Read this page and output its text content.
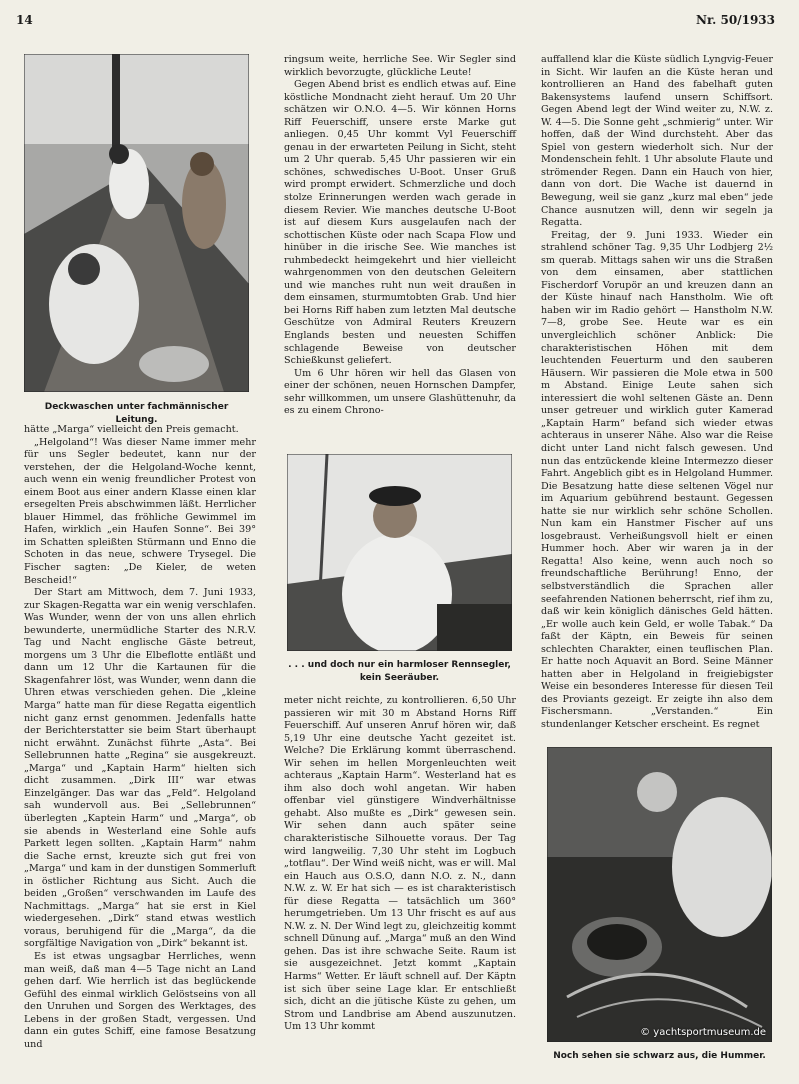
14	Nr. 50/1933
Deckwaschen unter fachmännischer Leitung.

hätte „Marga“ vielleicht den Preis gemacht.

„Helgoland“! Was dieser Name immer mehr für uns Segler bedeutet, kann nur der verstehen, der die Helgoland-Woche kennt, auch wenn ein wenig freundlicher Protest von einem Boot aus einer andern Klasse einen klar ersegelten Preis abschwimmen läßt. Herrlicher blauer Himmel, das fröhliche Gewimmel im Hafen, wirklich „ein Haufen Sonne“. Bei 39° im Schatten spleißten Stürmann und Enno die Schoten in das neue, schwere Trysegel. Die Fischer sagten: „De Kieler, de weten Bescheid!“

Der Start am Mittwoch, dem 7. Juni 1933, zur Skagen-Regatta war ein wenig verschlafen. Was Wunder, wenn der von uns allen ehrlich bewunderte, unermüdliche Starter des N.R.V. Tag und Nacht englische Gäste betreut, morgens um 3 Uhr die Elbeflotte entläßt und dann um 12 Uhr die Kartaunen für die Skagenfahrer löst, was Wunder, wenn dann die Uhren etwas verschieden gehen. Die „kleine Marga“ hatte man für diese Regatta eigentlich nicht ganz ernst genommen. Jedenfalls hatte der Berichterstatter sie beim Start überhaupt nicht erwähnt. Zunächst führte „Asta“. Bei Sellebrunnen hatte „Regina“ sie ausgekreuzt. „Marga“ und „Kaptain Harm“ hielten sich dicht zusammen. „Dirk III“ war etwas Einzelgänger. Das war das „Feld“. Helgoland sah wundervoll aus. Bei „Sellebrunnen“ überlegten „Kaptein Harm“ und „Marga“, ob sie abends in Westerland eine Sohle aufs Parkett legen sollten. „Kaptain Harm“ nahm die Sache ernst, kreuzte sich gut frei von „Marga“ und kam in der dunstigen Sommerluft in östlicher Richtung aus Sicht. Auch die beiden „Großen“ verschwanden im Laufe des Nachmittags. „Marga“ hat sie erst in Kiel wiedergesehen. „Dirk“ stand etwas westlich voraus, beruhigend für die „Marga“, da die sorgfältige Navigation von „Dirk“ bekannt ist.

Es ist etwas ungsagbar Herrliches, wenn man weiß, daß man 4—5 Tage nicht an Land gehen darf. Wie herrlich ist das beglückende Gefühl des einmal wirklich Gelöstseins von all den Unruhen und Sorgen des Werktages, des Lebens in der großen Stadt, vergessen. Und dann ein gutes Schiff, eine famose Besatzung und

ringsum weite, herrliche See. Wir Segler sind wirklich bevorzugte, glückliche Leute!

Gegen Abend brist es endlich etwas auf. Eine köstliche Mondnacht zieht herauf. Um 20 Uhr schätzen wir O.N.O. 4—5. Wir können Horns Riff Feuerschiff, unsere erste Marke gut anliegen. 0,45 Uhr kommt Vyl Feuerschiff genau in der erwarteten Peilung in Sicht, steht um 2 Uhr querab. 5,45 Uhr passieren wir ein schönes, schwedisches U-Boot. Unser Gruß wird prompt erwidert. Schmerzliche und doch stolze Erinnerungen werden wach gerade in diesem Revier. Wie manches deutsche U-Boot ist auf diesem Kurs ausgelaufen nach der schottischen Küste oder nach Scapa Flow und hinüber in die irische See. Wie manches ist ruhmbedeckt heimgekehrt und hier vielleicht wahrgenommen von den deutschen Geleitern und wie manches ruht nun weit draußen in dem einsamen, sturmumtobten Grab. Und hier bei Horns Riff haben zum letzten Mal deutsche Geschütze von Admiral Reuters Kreuzern Englands besten und neuesten Schiffen schlagende Beweise von deutscher Schießkunst geliefert.

Um 6 Uhr hören wir hell das Glasen von einer der schönen, neuen Hornschen Dampfer, sehr willkommen, um unsere Glashüttenuhr, da es zu einem Chrono-

. . . und doch nur ein harmloser Rennsegler, kein Seeräuber.

meter nicht reichte, zu kontrollieren. 6,50 Uhr passieren wir mit 30 m Abstand Horns Riff Feuerschiff. Auf unseren Anruf hören wir, daß 5,19 Uhr eine deutsche Yacht gezeitet ist. Welche? Die Erklärung kommt überraschend. Wir sehen im hellen Morgenleuchten weit achteraus „Kaptain Harm“. Westerland hat es ihm also doch wohl angetan. Wir haben offenbar viel günstigere Windverhältnisse gehabt. Also mußte es „Dirk“ gewesen sein. Wir sehen dann auch später seine charakteristische Silhouette voraus. Der Tag wird langweilig. 7,30 Uhr steht im Logbuch „totflau“. Der Wind weiß nicht, was er will. Mal ein Hauch aus O.S.O, dann N.O. z. N., dann N.W. z. W. Er hat sich — es ist charakteristisch für diese Regatta — tatsächlich um 360° herumgetrieben. Um 13 Uhr frischt es auf aus N.W. z. N. Der Wind legt zu, gleichzeitig kommt schnell Dünung auf. „Marga“ muß an den Wind gehen. Das ist ihre schwache Seite. Raum ist sie ausgezeichnet. Jetzt kommt „Kaptain Harms“ Wetter. Er läuft schnell auf. Der Käptn ist sich über seine Lage klar. Er entschließt sich, dicht an die jütische Küste zu gehen, um Strom und Landbrise am Abend auszunutzen. Um 13 Uhr kommt

auffallend klar die Küste südlich Lyngvig-Feuer in Sicht. Wir laufen an die Küste heran und kontrollieren an Hand des fabelhaft guten Bakensystems laufend unsern Schiffsort. Gegen Abend legt der Wind weiter zu, N.W. z. W. 4—5. Die Sonne geht „schmierig“ unter. Wir hoffen, daß der Wind durchsteht. Aber das Spiel von gestern wiederholt sich. Nur der Mondenschein fehlt. 1 Uhr absolute Flaute und strömender Regen. Dann ein Hauch von hier, dann von dort. Die Wache ist dauernd in Bewegung, weil sie ganz „kurz mal eben“ jede Chance ausnutzen will, denn wir segeln ja Regatta.

Freitag, der 9. Juni 1933. Wieder ein strahlend schöner Tag. 9,35 Uhr Lodbjerg 2½ sm querab. Mittags sahen wir uns die Straßen von dem einsamen, aber stattlichen Fischerdorf Vorupör an und kreuzen dann an der Küste hinauf nach Hanstholm. Wie oft haben wir im Radio gehört — Hanstholm N.W. 7—8, grobe See. Heute war es ein unvergleichlich schöner Anblick: Die charakteristischen Höhen mit dem leuchtenden Feuerturm und den sauberen Häusern. Wir passieren die Mole etwa in 500 m Abstand. Einige Leute sahen sich interessiert die wohl seltenen Gäste an. Denn unser getreuer und wirklich guter Kamerad „Kaptain Harm“ befand sich wieder etwas achteraus in unserer Nähe. Also war die Reise dicht unter Land nicht falsch gewesen. Und nun das entzückende kleine Intermezzo dieser Fahrt. Angeblich gibt es in Helgoland Hummer. Die Besatzung hatte diese seltenen Vögel nur im Aquarium gebührend bestaunt. Gegessen hatte sie nur wirklich sehr schöne Schollen. Nun kam ein Hanstmer Fischer auf uns losgebraust. Verheißungsvoll hielt er einen Hummer hoch. Aber wir waren ja in der Regatta! Also keine, wenn auch noch so freundschaftliche Berührung! Enno, der selbstverständlich die Sprachen aller seefahrenden Nationen beherrscht, rief ihm zu, daß wir kein königlich dänisches Geld hätten. „Er wolle auch kein Geld, er wolle Tabak.“ Da faßt der Käptn, ein Beweis für seinen schlechten Charakter, einen teuflischen Plan. Er hatte noch Aquavit an Bord. Seine Männer hatten aber in Helgoland in freigiebigster Weise ein besonderes Interesse für diesen Teil des Proviants gezeigt. Er zeigte ihn also dem Fischersmann. „Verstanden.“ Ein stundenlanger Ketscher erscheint. Es regnet

© yachtsportmuseum.de
Noch sehen sie schwarz aus, die Hummer.
